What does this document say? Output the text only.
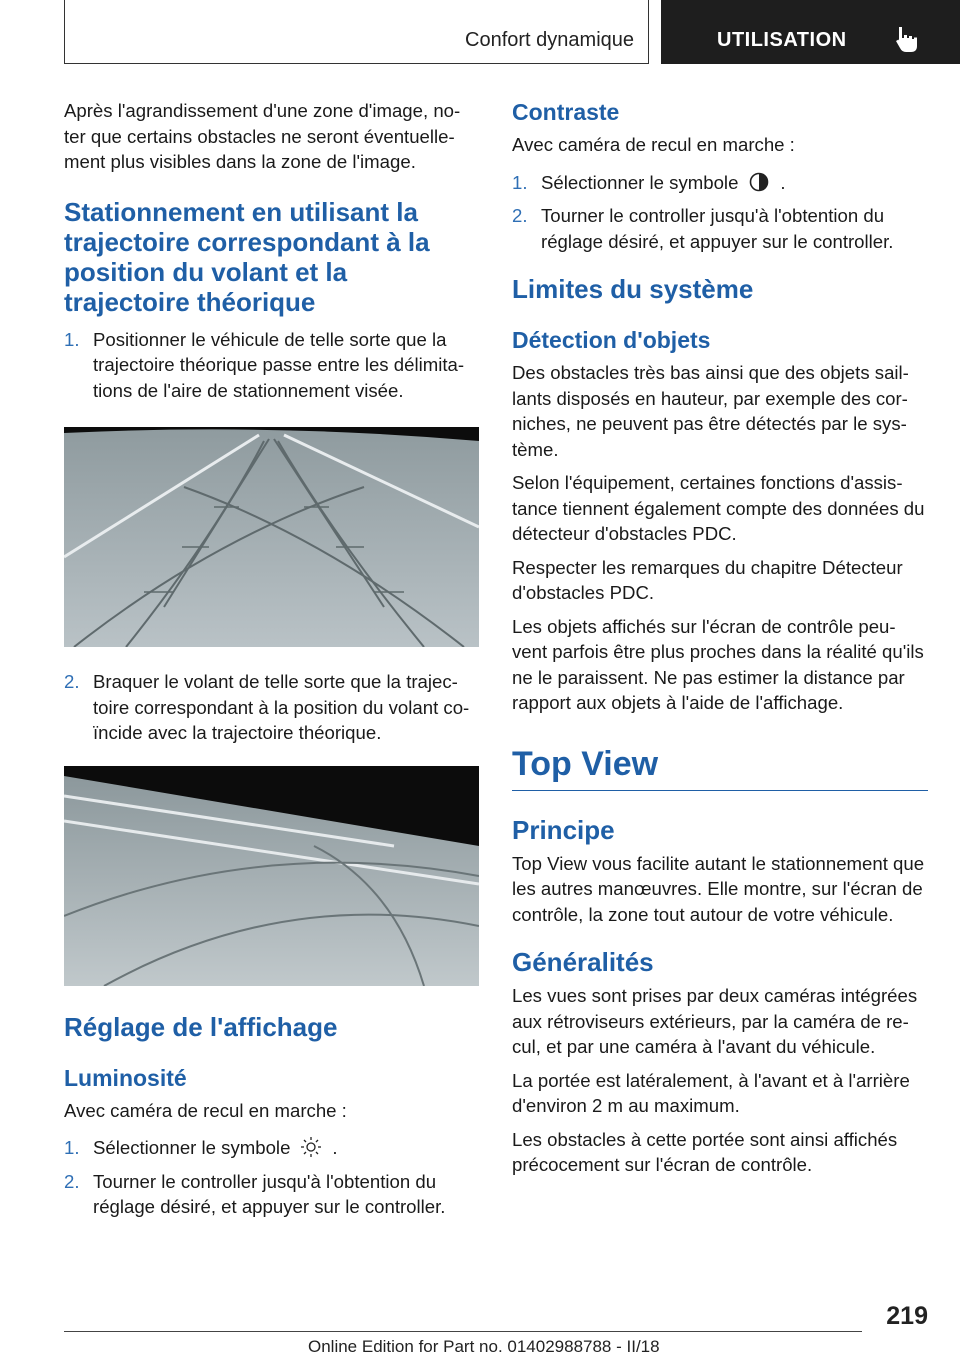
Confort dynamique	UTILISATION

Après l'agrandissement d'une zone d'image, no‐ ter que certains obstacles ne seront éventuelle‐ ment plus visibles dans la zone de l'image.

Stationnement en utilisant la trajectoire correspondant à la position du volant et la trajectoire théorique
1. Positionner le véhicule de telle sorte que la trajectoire théorique passe entre les délimita‐ tions de l'aire de stationnement visée.
2. Braquer le volant de telle sorte que la trajec‐ toire correspondant à la position du volant co‐ ïncide avec la trajectoire théorique.
Réglage de l'affichage
Luminosité

Avec caméra de recul en marche :

1. Sélectionner le symbole .
2. Tourner le controller jusqu'à l'obtention du réglage désiré, et appuyer sur le controller.
Contraste

Avec caméra de recul en marche :

1. Sélectionner le symbole .
2. Tourner le controller jusqu'à l'obtention du réglage désiré, et appuyer sur le controller.
Limites du système
Détection d'objets

Des obstacles très bas ainsi que des objets sail‐ lants disposés en hauteur, par exemple des cor‐ niches, ne peuvent pas être détectés par le sys‐ tème.

Selon l'équipement, certaines fonctions d'assis‐ tance tiennent également compte des données du détecteur d'obstacles PDC.

Respecter les remarques du chapitre Détecteur d'obstacles PDC.

Les objets affichés sur l'écran de contrôle peu‐ vent parfois être plus proches dans la réalité qu'ils ne le paraissent. Ne pas estimer la distance par rapport aux objets à l'aide de l'affichage.

Top View
Principe

Top View vous facilite autant le stationnement que les autres manœuvres. Elle montre, sur l'écran de contrôle, la zone tout autour de votre véhicule.

Généralités

Les vues sont prises par deux caméras intégrées aux rétroviseurs extérieurs, par la caméra de re‐ cul, et par une caméra à l'avant du véhicule.

La portée est latéralement, à l'avant et à l'arrière d'environ 2 m au maximum.

Les obstacles à cette portée sont ainsi affichés précocement sur l'écran de contrôle.

219
Online Edition for Part no. 01402988788 - II/18
